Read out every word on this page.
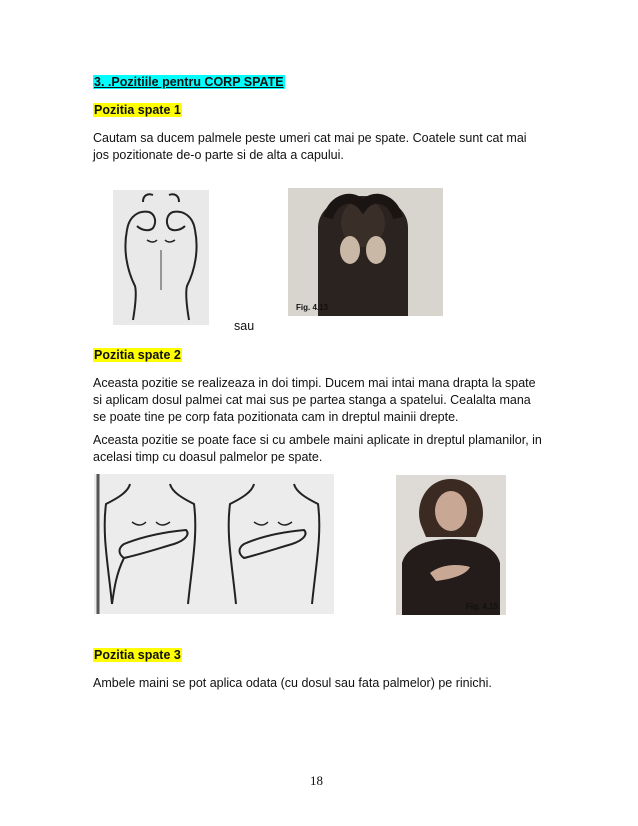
3. .Pozitiile pentru CORP SPATE
Pozitia spate 1
Cautam sa ducem palmele peste umeri cat mai pe spate. Coatele sunt cat mai
jos pozitionate de-o parte si de alta a capului.
Fig. 4.13
sau
Pozitia spate 2
Aceasta pozitie se realizeaza in doi timpi. Ducem mai intai mana drapta la spate
si aplicam dosul palmei cat mai sus pe partea stanga a spatelui. Cealalta mana
se poate tine pe corp fata pozitionata cam in dreptul mainii drepte.
Aceasta pozitie se poate face si cu ambele maini aplicate in dreptul plamanilor, in
acelasi timp cu doasul palmelor pe spate.
Fig. 4.15
Pozitia spate 3
Ambele maini se pot aplica odata (cu dosul sau fata palmelor) pe rinichi.
18
